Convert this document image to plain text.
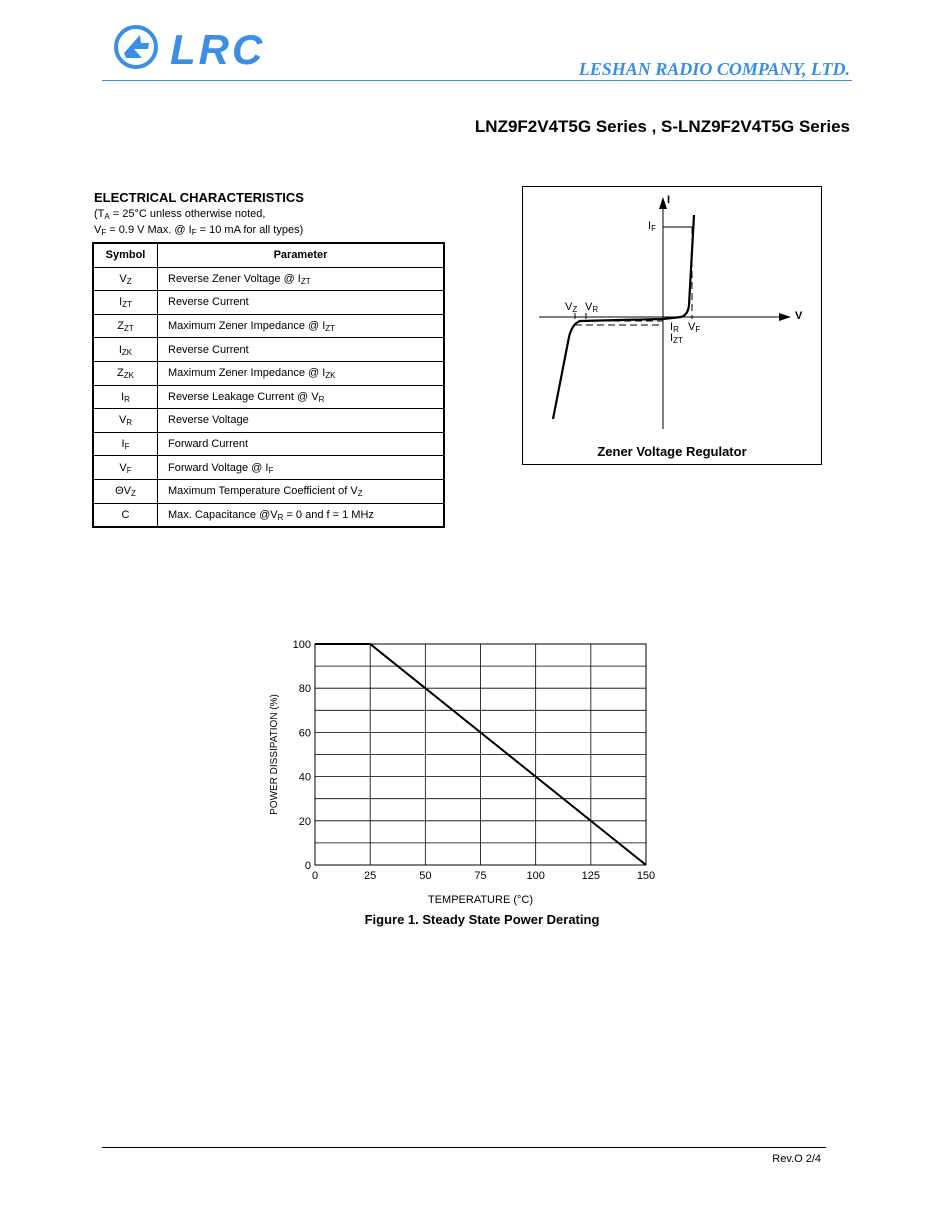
LRC	LESHAN RADIO COMPANY, LTD.
LNZ9F2V4T5G Series , S-LNZ9F2V4T5G Series
ELECTRICAL CHARACTERISTICS
($T_A = 25^\circ C$ unless otherwise noted,
$V_F = 0.9$ V Max. @ $I_F = 10$ mA for all types)
Symbol	Parameter
$V_Z$	Reverse Zener Voltage @ $I_{ZT}$
$I_{ZT}$	Reverse Current
$Z_{ZT}$	Maximum Zener Impedance @ $I_{ZT}$
$I_{ZK}$	Reverse Current
$Z_{ZK}$	Maximum Zener Impedance @ $I_{ZK}$
$I_R$	Reverse Leakage Current @ $V_R$
$V_R$	Reverse Voltage
$I_F$	Forward Current
$V_F$	Forward Voltage @ $I_F$
$\Theta V_Z$	Maximum Temperature Coefficient of $V_Z$
C	Max. Capacitance $@V_R = 0$ and f = 1 MHz
I
V
$I_F$
$V_Z$ $V_R$
$I_R$ $V_F$
$I_{ZT}$
Zener Voltage Regulator
0	25	50	75	100	125	150
0
20
40
60
80
100
TEMPERATURE (°C)
POWER DISSIPATION (%)
Figure 1. Steady State Power Derating
Rev.O 2/4
